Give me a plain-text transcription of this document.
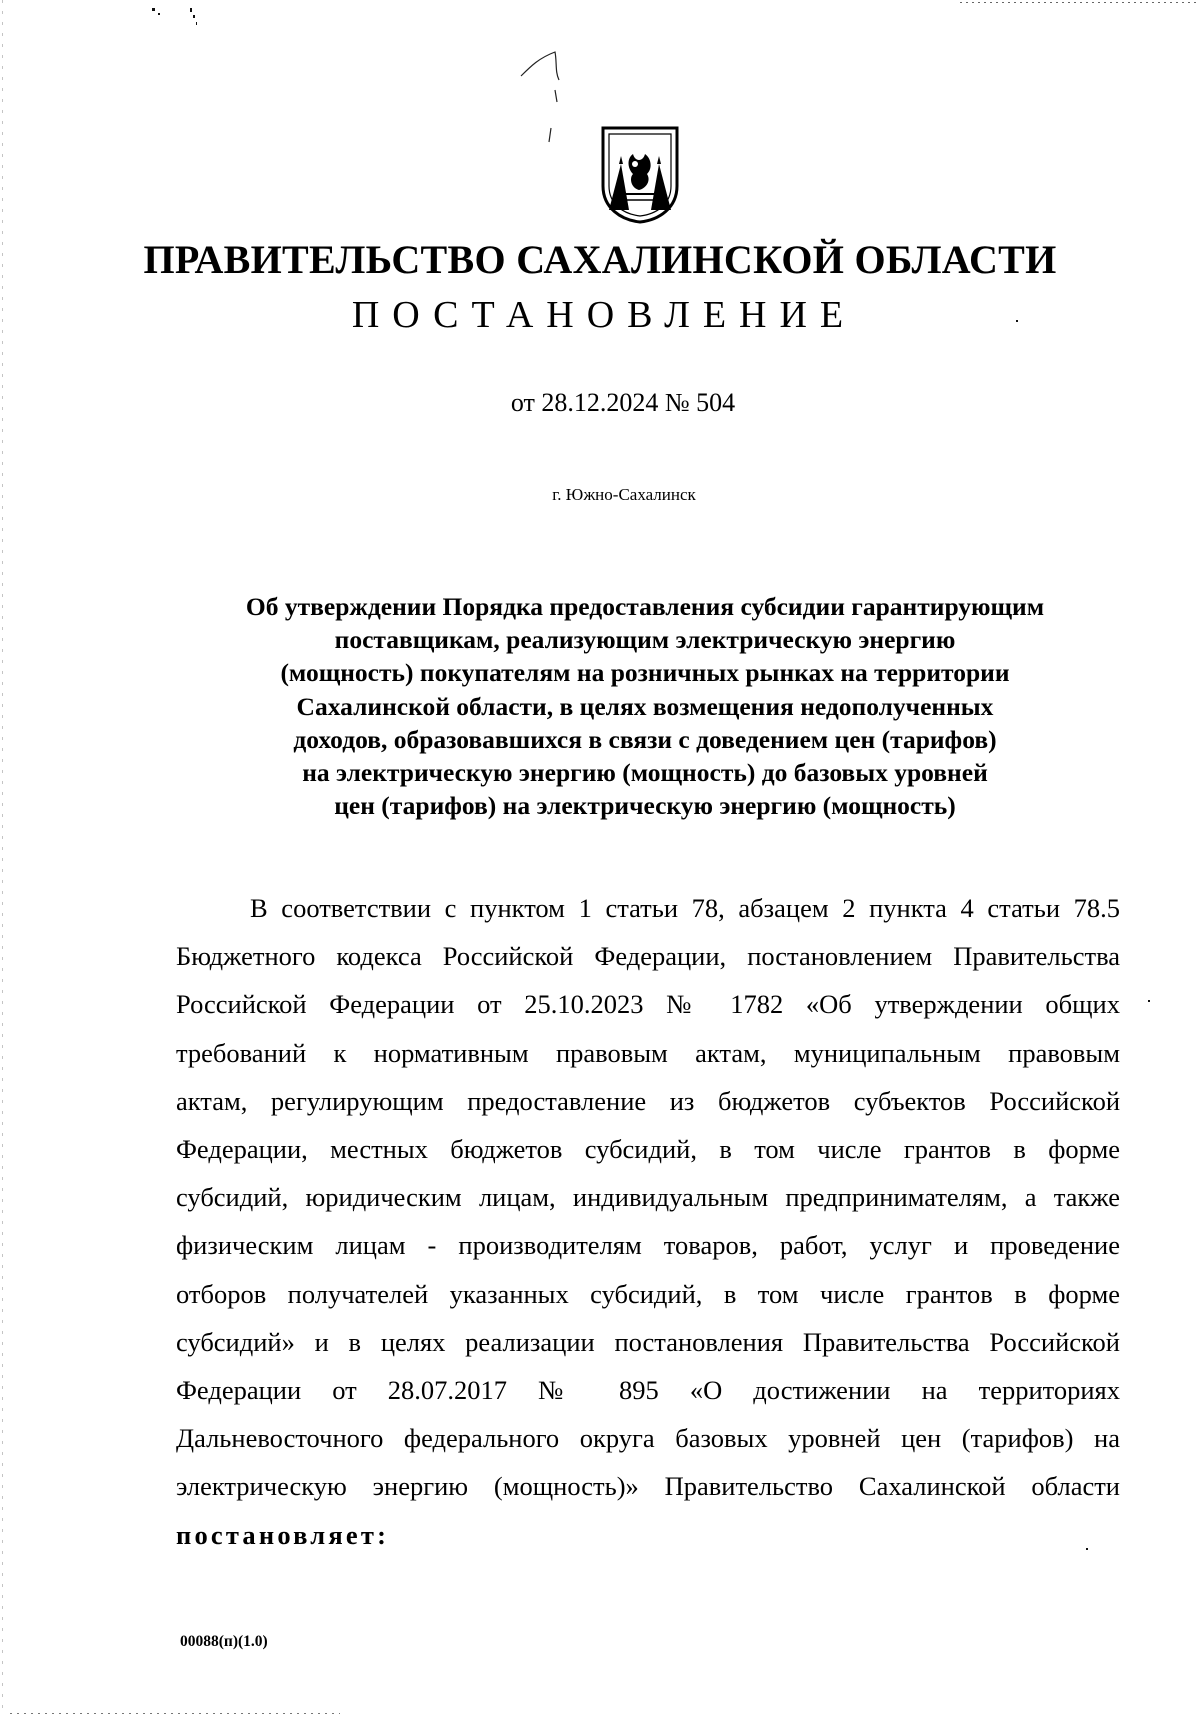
ПРАВИТЕЛЬСТВО САХАЛИНСКОЙ ОБЛАСТИ
ПОСТАНОВЛЕНИЕ
от 28.12.2024 № 504
г. Южно-Сахалинск
Об утверждении Порядка предоставления субсидии гарантирующим
поставщикам, реализующим электрическую энергию
(мощность) покупателям на розничных рынках на территории
Сахалинской области, в целях возмещения недополученных
доходов, образовавшихся в связи с доведением цен (тарифов)
на электрическую энергию (мощность) до базовых уровней
цен (тарифов) на электрическую энергию (мощность)
В соответствии с пунктом 1 статьи 78, абзацем 2 пункта 4 статьи 78.5
Бюджетного кодекса Российской Федерации, постановлением Правительства
Российской Федерации от 25.10.2023 № 1782 «Об утверждении общих
требований к нормативным правовым актам, муниципальным правовым
актам, регулирующим предоставление из бюджетов субъектов Российской
Федерации, местных бюджетов субсидий, в том числе грантов в форме
субсидий, юридическим лицам, индивидуальным предпринимателям, а также
физическим лицам - производителям товаров, работ, услуг и проведение
отборов получателей указанных субсидий, в том числе грантов в форме
субсидий» и в целях реализации постановления Правительства Российской
Федерации от 28.07.2017 № 895 «О достижении на территориях
Дальневосточного федерального округа базовых уровней цен (тарифов) на
электрическую энергию (мощность)» Правительство Сахалинской области
постановляет:
00088(п)(1.0)
